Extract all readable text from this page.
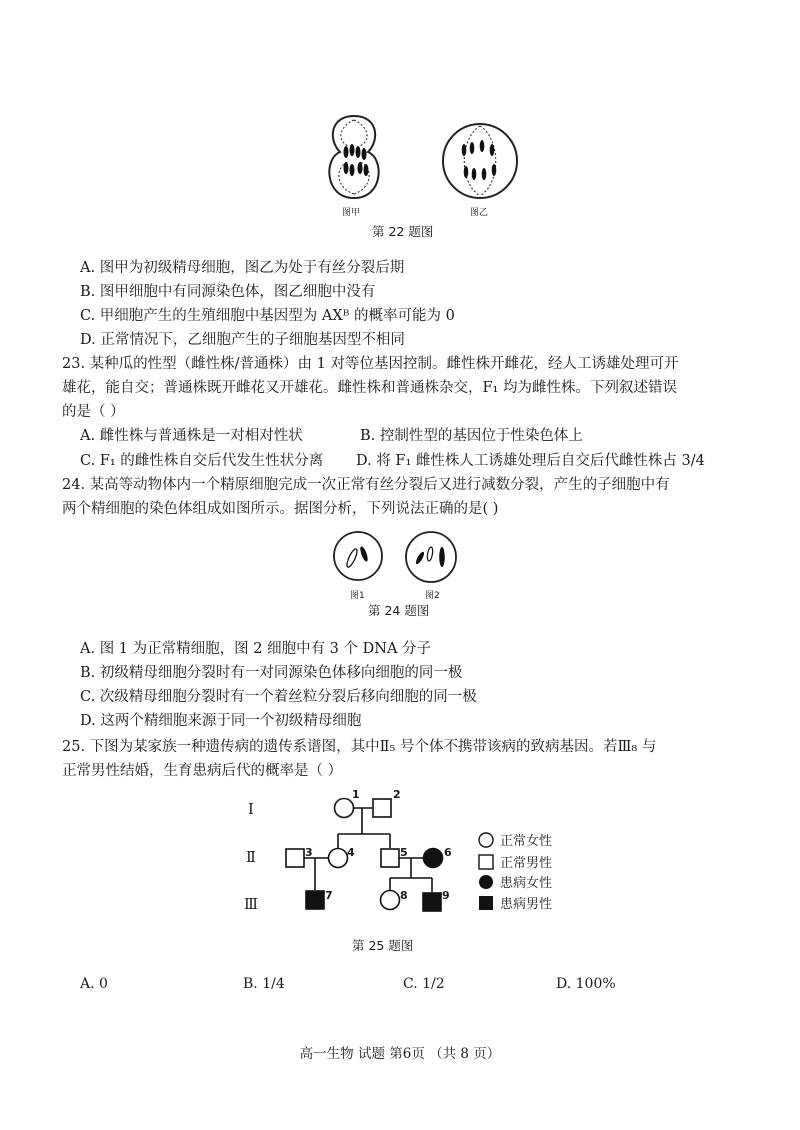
图甲	图乙
第 22 题图
A. 图甲为初级精母细胞，图乙为处于有丝分裂后期
B. 图甲细胞中有同源染色体，图乙细胞中没有
C. 甲细胞产生的生殖细胞中基因型为 AXᴮ 的概率可能为 0
D. 正常情况下，乙细胞产生的子细胞基因型不相同
23. 某种瓜的性型（雌性株/普通株）由 1 对等位基因控制。雌性株开雌花，经人工诱雄处理可开
雄花，能自交；普通株既开雌花又开雄花。雌性株和普通株杂交，F₁ 均为雌性株。下列叙述错误
的是（ ）
A. 雌性株与普通株是一对相对性状	B. 控制性型的基因位于性染色体上
C. F₁ 的雌性株自交后代发生性状分离 D. 将 F₁ 雌性株人工诱雄处理后自交后代雌性株占 3/4
24. 某高等动物体内一个精原细胞完成一次正常有丝分裂后又进行减数分裂，产生的子细胞中有
两个精细胞的染色体组成如图所示。据图分析，下列说法正确的是( )
图1	图2
第 24 题图
A. 图 1 为正常精细胞，图 2 细胞中有 3 个 DNA 分子
B. 初级精母细胞分裂时有一对同源染色体移向细胞的同一极
C. 次级精母细胞分裂时有一个着丝粒分裂后移向细胞的同一极
D. 这两个精细胞来源于同一个初级精母细胞
25. 下图为某家族一种遗传病的遗传系谱图，其中Ⅱ₅ 号个体不携带该病的致病基因。若Ⅲ₈ 与
正常男性结婚，生育患病后代的概率是（ ）
Ⅰ
Ⅱ
Ⅲ
1	2
3	4	5	6
7	8	9
正常女性
正常男性
患病女性
患病男性
第 25 题图
A. 0	B. 1/4	C. 1/2	D. 100%
高一生物 试题 第6页 （共 8 页）
